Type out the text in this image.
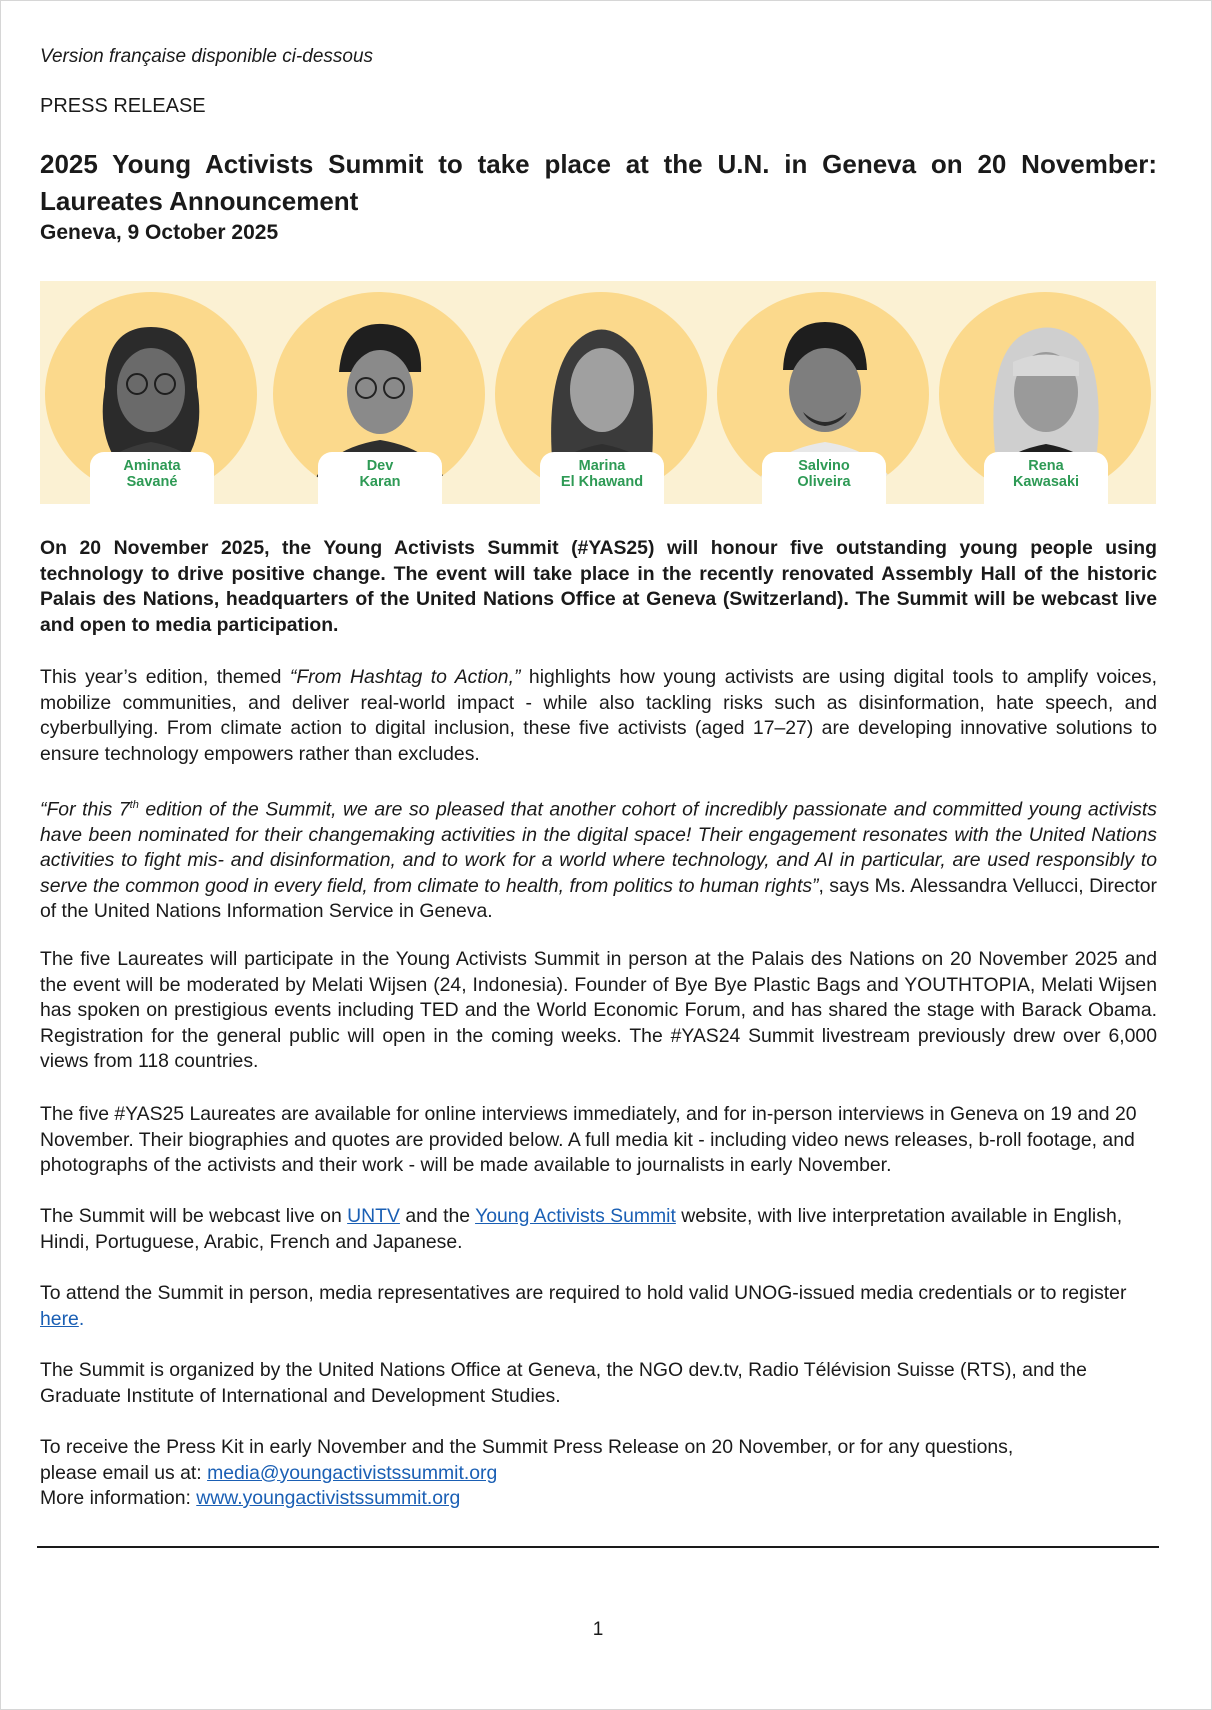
Version française disponible ci-dessous
PRESS RELEASE
2025 Young Activists Summit to take place at the U.N. in Geneva on 20 November: Laureates Announcement
Geneva, 9 October 2025
Aminata
Savané
Dev
Karan
Marina
El Khawand
Salvino
Oliveira
Rena
Kawasaki

On 20 November 2025, the Young Activists Summit (#YAS25) will honour five outstanding young people using technology to drive positive change. The event will take place in the recently renovated Assembly Hall of the historic Palais des Nations, headquarters of the United Nations Office at Geneva (Switzerland). The Summit will be webcast live and open to media participation.

This year’s edition, themed “From Hashtag to Action,” highlights how young activists are using digital tools to amplify voices, mobilize communities, and deliver real-world impact - while also tackling risks such as disinformation, hate speech, and cyberbullying. From climate action to digital inclusion, these five activists (aged 17–27) are developing innovative solutions to ensure technology empowers rather than excludes.

“For this 7th edition of the Summit, we are so pleased that another cohort of incredibly passionate and committed young activists have been nominated for their changemaking activities in the digital space! Their engagement resonates with the United Nations activities to fight mis- and disinformation, and to work for a world where technology, and AI in particular, are used responsibly to serve the common good in every field, from climate to health, from politics to human rights”, says Ms. Alessandra Vellucci, Director of the United Nations Information Service in Geneva.

The five Laureates will participate in the Young Activists Summit in person at the Palais des Nations on 20 November 2025 and the event will be moderated by Melati Wijsen (24, Indonesia). Founder of Bye Bye Plastic Bags and YOUTHTOPIA, Melati Wijsen has spoken on prestigious events including TED and the World Economic Forum, and has shared the stage with Barack Obama. Registration for the general public will open in the coming weeks. The #YAS24 Summit livestream previously drew over 6,000 views from 118 countries.

The five #YAS25 Laureates are available for online interviews immediately, and for in-person interviews in Geneva on 19 and 20 November. Their biographies and quotes are provided below. A full media kit - including video news releases, b-roll footage, and photographs of the activists and their work - will be made available to journalists in early November.

The Summit will be webcast live on UNTV and the Young Activists Summit website, with live interpretation available in English, Hindi, Portuguese, Arabic, French and Japanese.

To attend the Summit in person, media representatives are required to hold valid UNOG-issued media credentials or to register here.

The Summit is organized by the United Nations Office at Geneva, the NGO dev.tv, Radio Télévision Suisse (RTS), and the Graduate Institute of International and Development Studies.

To receive the Press Kit in early November and the Summit Press Release on 20 November, or for any questions,
please email us at: media@youngactivistssummit.org
More information: www.youngactivistssummit.org

1
